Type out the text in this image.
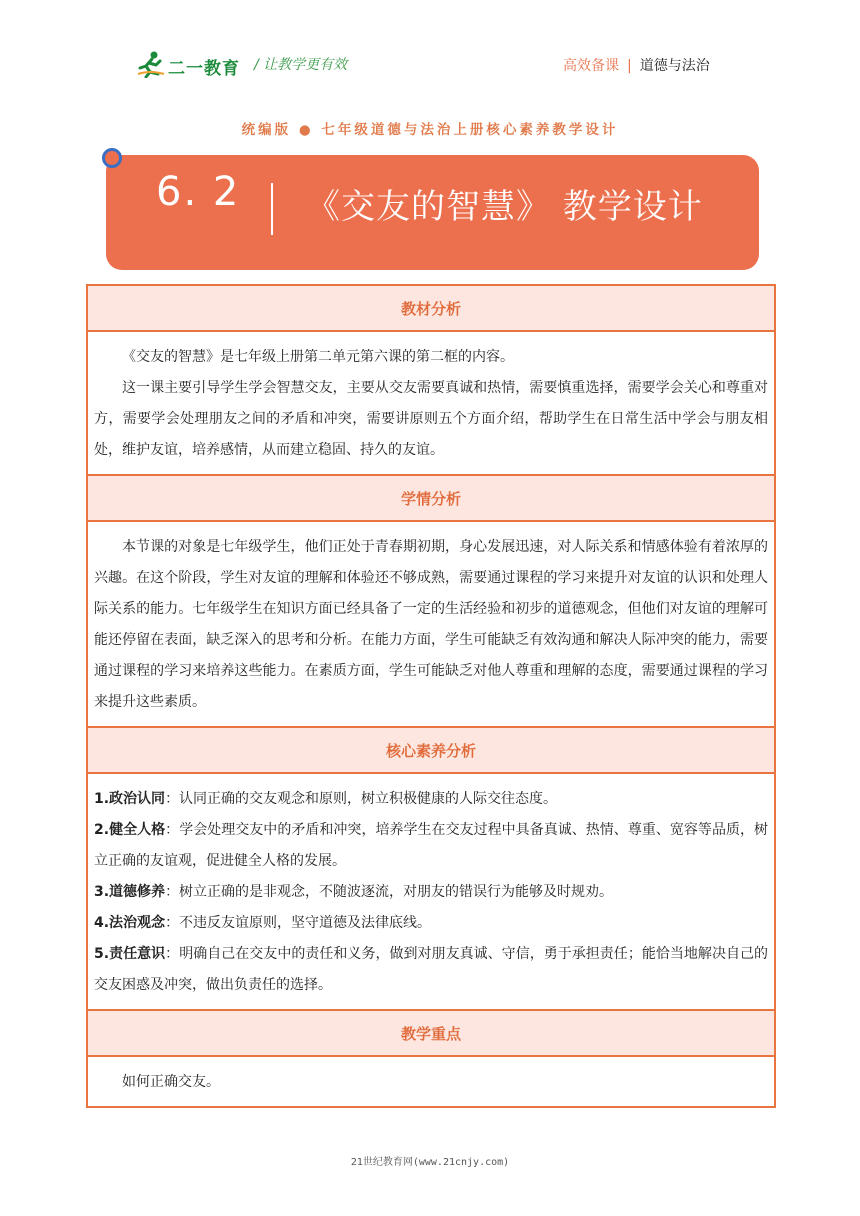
二一教育 / 让教学更有效	高效备课 | 道德与法治
统编版 ● 七年级道德与法治上册核心素养教学设计
6. 2 《交友的智慧》 教学设计
教材分析

《交友的智慧》是七年级上册第二单元第六课的第二框的内容。

这一课主要引导学生学会智慧交友，主要从交友需要真诚和热情，需要慎重选择，需要学会关心和尊重对方，需要学会处理朋友之间的矛盾和冲突，需要讲原则五个方面介绍，帮助学生在日常生活中学会与朋友相处，维护友谊，培养感情，从而建立稳固、持久的友谊。

学情分析

本节课的对象是七年级学生，他们正处于青春期初期，身心发展迅速，对人际关系和情感体验有着浓厚的兴趣。在这个阶段，学生对友谊的理解和体验还不够成熟，需要通过课程的学习来提升对友谊的认识和处理人际关系的能力。七年级学生在知识方面已经具备了一定的生活经验和初步的道德观念，但他们对友谊的理解可能还停留在表面，缺乏深入的思考和分析。在能力方面，学生可能缺乏有效沟通和解决人际冲突的能力，需要通过课程的学习来培养这些能力。在素质方面，学生可能缺乏对他人尊重和理解的态度，需要通过课程的学习来提升这些素质。

核心素养分析

1.政治认同：认同正确的交友观念和原则，树立积极健康的人际交往态度。

2.健全人格：学会处理交友中的矛盾和冲突，培养学生在交友过程中具备真诚、热情、尊重、宽容等品质，树立正确的友谊观，促进健全人格的发展。

3.道德修养：树立正确的是非观念，不随波逐流，对朋友的错误行为能够及时规劝。

4.法治观念：不违反友谊原则，坚守道德及法律底线。

5.责任意识：明确自己在交友中的责任和义务，做到对朋友真诚、守信，勇于承担责任；能恰当地解决自己的交友困惑及冲突，做出负责任的选择。

教学重点

如何正确交友。

21世纪教育网(www.21cnjy.com)
